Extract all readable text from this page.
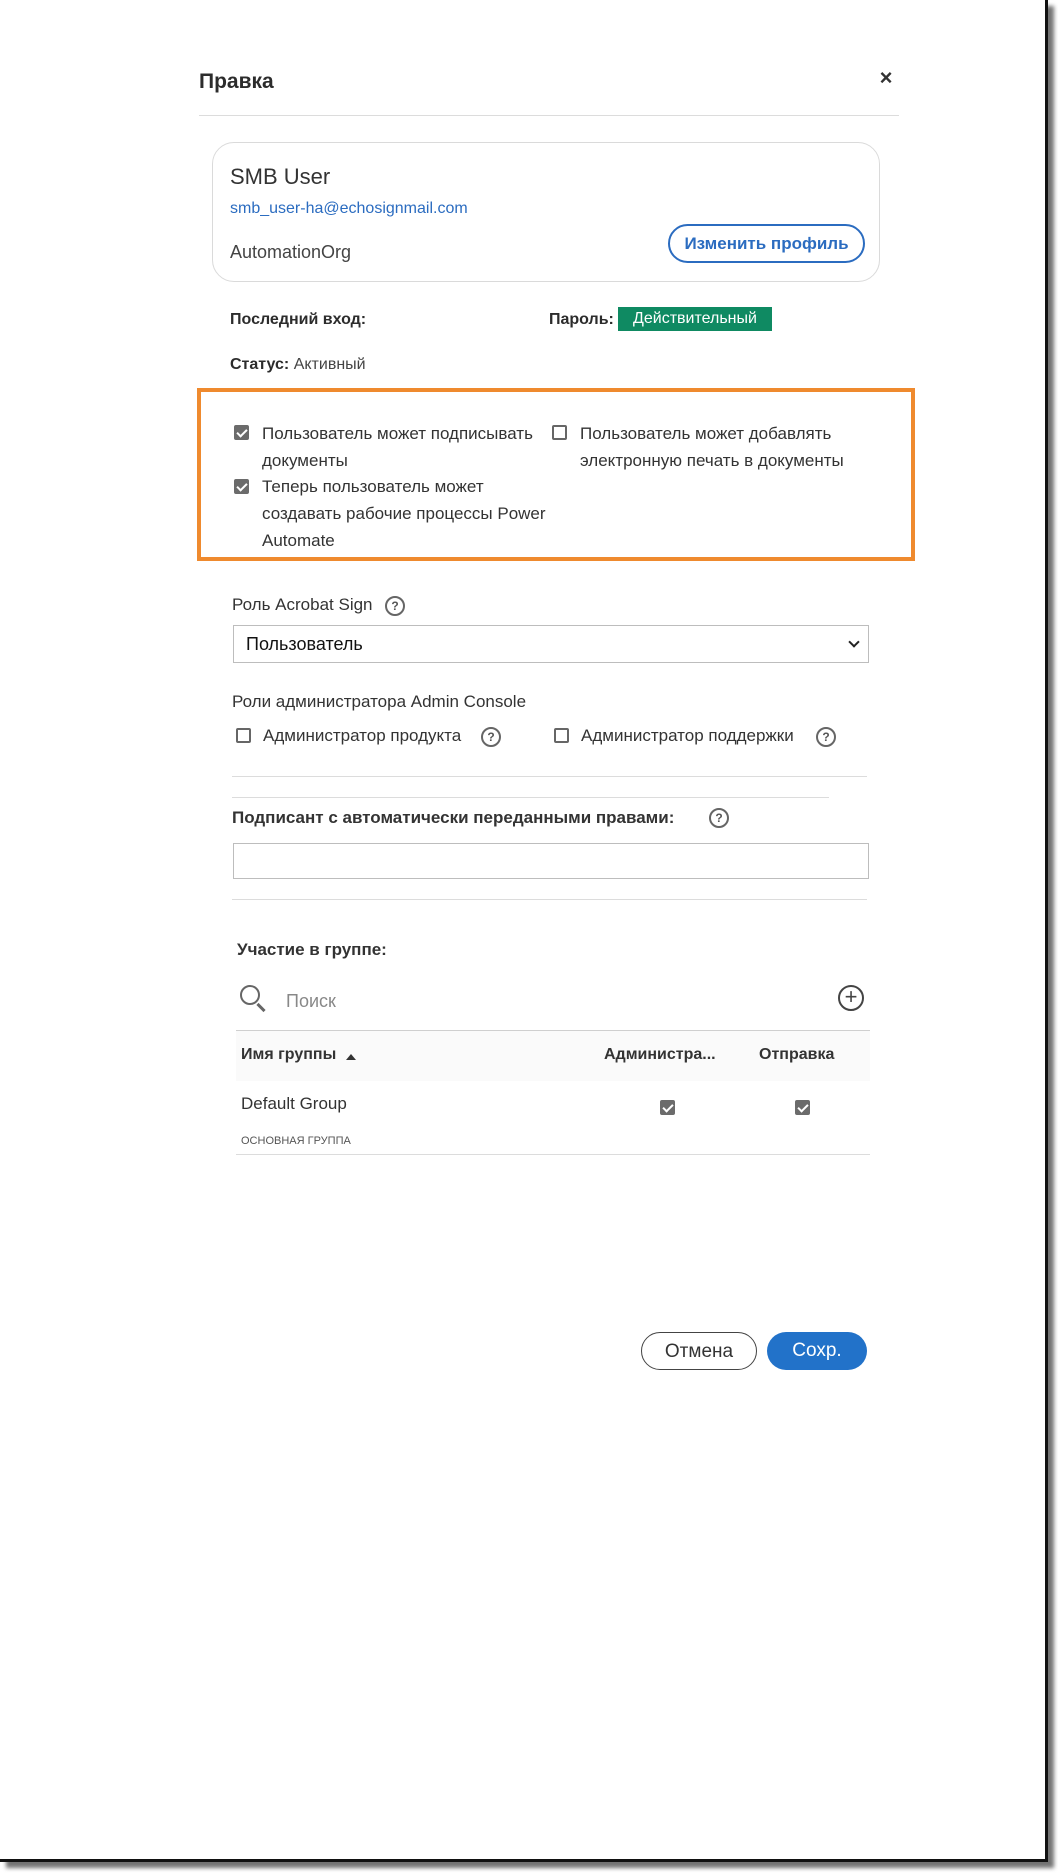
Правка	×
SMB User
smb_user-ha@echosignmail.com
AutomationOrg	Изменить профиль
Последний вход:	Пароль:	Действительный
Статус: Активный
Пользователь может подписывать
документы
Теперь пользователь может
создавать рабочие процессы Power
Automate
Пользователь может добавлять
электронную печать в документы
Роль Acrobat Sign	?
Пользователь
Роли администратора Admin Console
Администратор продукта	?	Администратор поддержки	?
Подписант с автоматически переданными правами:	?
Участие в группе:
Поиск	+
Имя группы	Администра...	Отправка
Default Group
ОСНОВНАЯ ГРУППА
Отмена	Сохр.
